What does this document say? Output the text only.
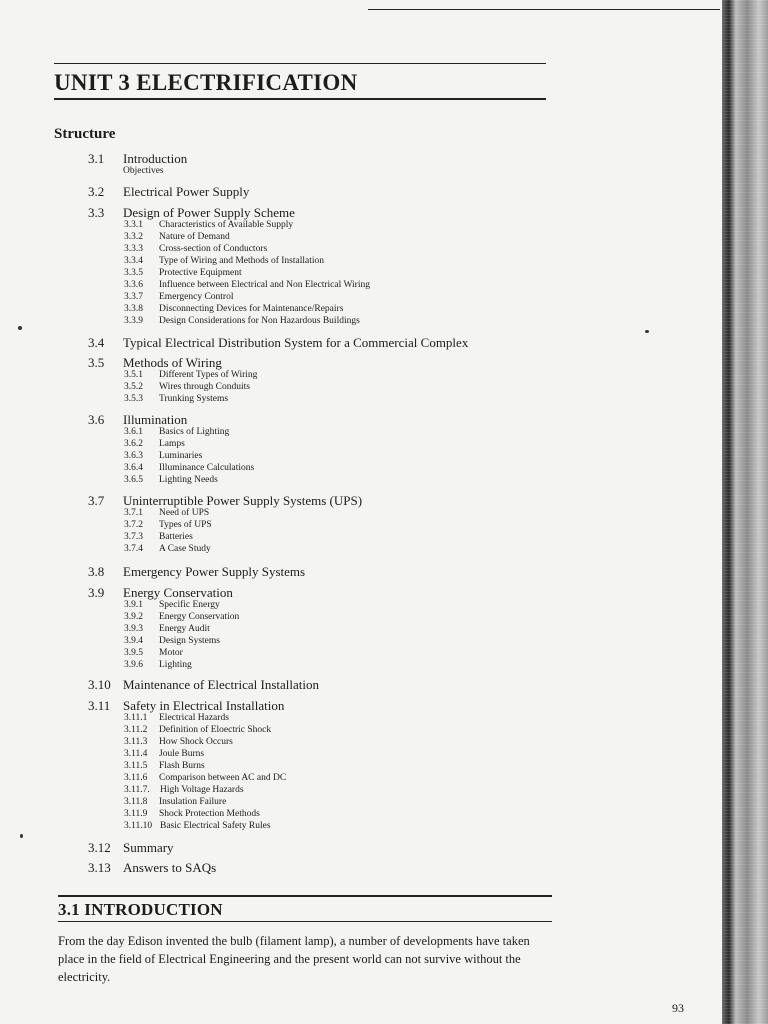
UNIT 3 ELECTRIFICATION
Structure
3.1 Introduction
Objectives
3.2 Electrical Power Supply
3.3 Design of Power Supply Scheme
3.3.1 Characteristics of Available Supply
3.3.2 Nature of Demand
3.3.3 Cross-section of Conductors
3.3.4 Type of Wiring and Methods of Installation
3.3.5 Protective Equipment
3.3.6 Influence between Electrical and Non Electrical Wiring
3.3.7 Emergency Control
3.3.8 Disconnecting Devices for Maintenance/Repairs
3.3.9 Design Considerations for Non Hazardous Buildings
3.4 Typical Electrical Distribution System for a Commercial Complex
3.5 Methods of Wiring
3.5.1 Different Types of Wiring
3.5.2 Wires through Conduits
3.5.3 Trunking Systems
3.6 Illumination
3.6.1 Basics of Lighting
3.6.2 Lamps
3.6.3 Luminaries
3.6.4 Illuminance Calculations
3.6.5 Lighting Needs
3.7 Uninterruptible Power Supply Systems (UPS)
3.7.1 Need of UPS
3.7.2 Types of UPS
3.7.3 Batteries
3.7.4 A Case Study
3.8 Emergency Power Supply Systems
3.9 Energy Conservation
3.9.1 Specific Energy
3.9.2 Energy Conservation
3.9.3 Energy Audit
3.9.4 Design Systems
3.9.5 Motor
3.9.6 Lighting
3.10 Maintenance of Electrical Installation
3.11 Safety in Electrical Installation
3.11.1 Electrical Hazards
3.11.2 Definition of Eloectric Shock
3.11.3 How Shock Occurs
3.11.4 Joule Burns
3.11.5 Flash Burns
3.11.6 Comparison between AC and DC
3.11.7. High Voltage Hazards
3.11.8 Insulation Failure
3.11.9 Shock Protection Methods
3.11.10 Basic Electrical Safety Rules
3.12 Summary
3.13 Answers to SAQs
3.1 INTRODUCTION

From the day Edison invented the bulb (filament lamp), a number of developments have taken place in the field of Electrical Engineering and the present world can not survive without the electricity.

93
